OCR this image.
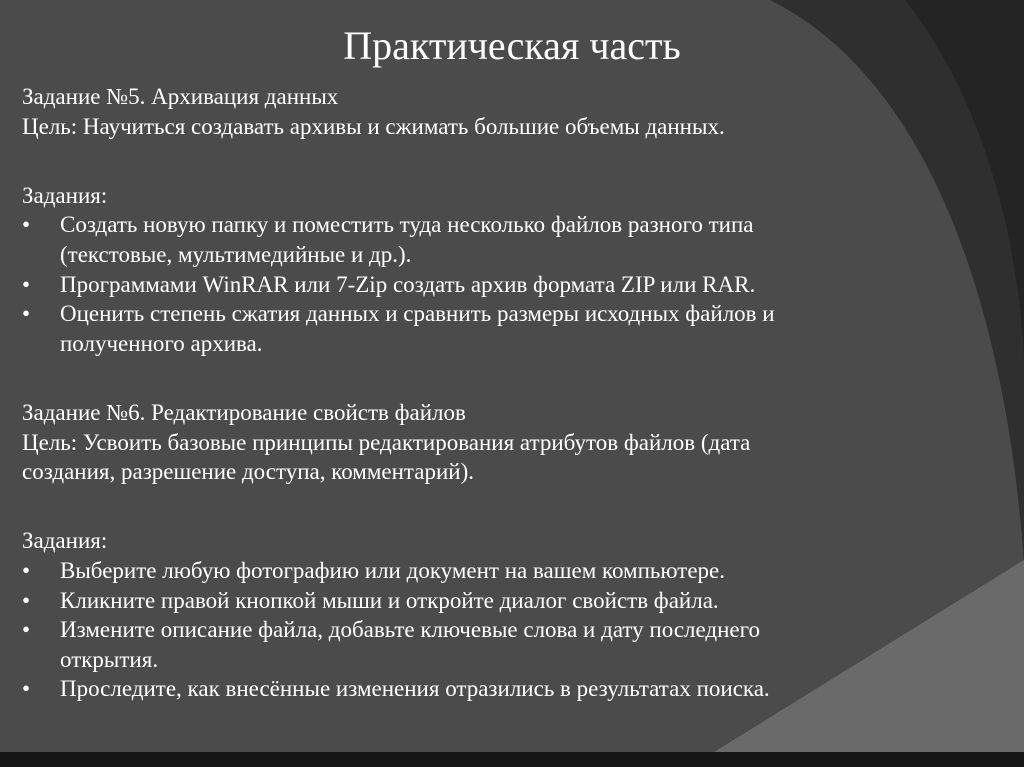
Практическая часть
Задание №5. Архивация данных
Цель: Научиться создавать архивы и сжимать большие объемы данных.
Задания:
•	Создать новую папку и поместить туда несколько файлов разного типа
(текстовые, мультимедийные и др.).
•	Программами WinRAR или 7-Zip создать архив формата ZIP или RAR.
•	Оценить степень сжатия данных и сравнить размеры исходных файлов и
полученного архива.
Задание №6. Редактирование свойств файлов
Цель: Усвоить базовые принципы редактирования атрибутов файлов (дата
создания, разрешение доступа, комментарий).
Задания:
•	Выберите любую фотографию или документ на вашем компьютере.
•	Кликните правой кнопкой мыши и откройте диалог свойств файла.
•	Измените описание файла, добавьте ключевые слова и дату последнего
открытия.
•	Проследите, как внесённые изменения отразились в результатах поиска.
